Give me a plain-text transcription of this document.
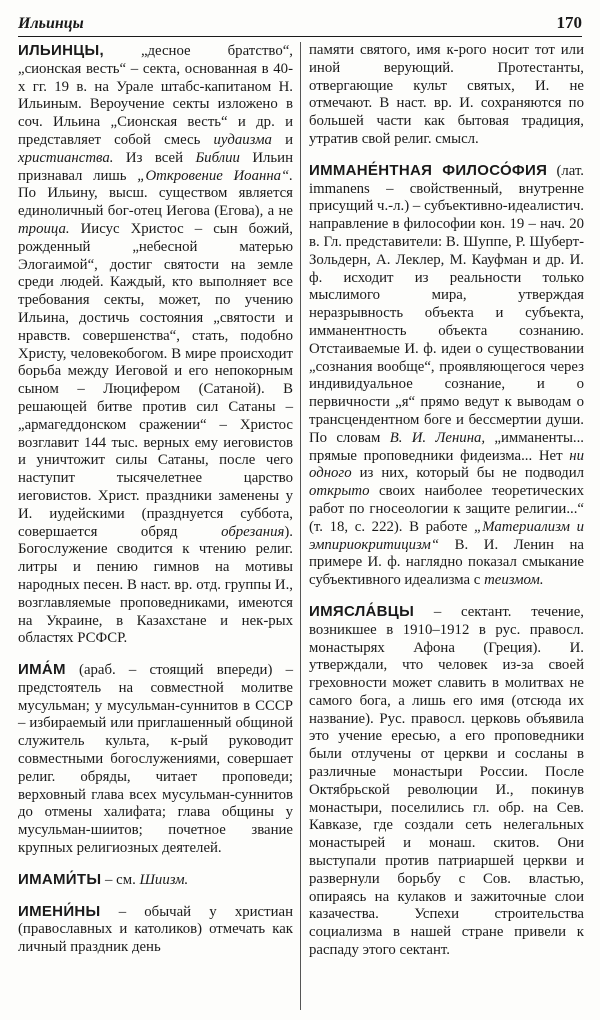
Ильинцы	170

ИЛЬИНЦЫ, „десное братство“, „сионская весть“ – секта, основанная в 40-х гг. 19 в. на Урале штабс-капитаном Н. Ильиным. Вероучение секты изложено в соч. Ильина „Сионская весть“ и др. и представляет собой смесь иудаизма и христианства. Из всей Библии Ильин признавал лишь „Откровение Иоанна“. По Ильину, высш. существом является единоличный бог-отец Иегова (Егова), а не троица. Иисус Христос – сын божий, рожденный „небесной матерью Элогаимой“, достиг святости на земле среди людей. Каждый, кто выполняет все требования секты, может, по учению Ильина, достичь состояния „святости и нравств. совершенства“, стать, подобно Христу, человекобогом. В мире происходит борьба между Иеговой и его непокорным сыном – Люцифером (Сатаной). В решающей битве против сил Сатаны – „армагеддонском сражении“ – Христос возглавит 144 тыс. верных ему иеговистов и уничтожит силы Сатаны, после чего наступит тысячелетнее царство иеговистов. Христ. праздники заменены у И. иудейскими (празднуется суббота, совершается обряд обрезания). Богослужение сводится к чтению религ. литры и пению гимнов на мотивы народных песен. В наст. вр. отд. группы И., возглавляемые проповедниками, имеются на Украине, в Казахстане и нек-рых областях РСФСР.

ИМА́М (араб. – стоящий впереди) – предстоятель на совместной молитве мусульман; у мусульман-суннитов в СССР – избираемый или приглашенный общиной служитель культа, к-рый руководит совместными богослужениями, совершает религ. обряды, читает проповеди; верховный глава всех мусульман-суннитов до отмены халифата; глава общины у мусульман-шиитов; почетное звание крупных религиозных деятелей.

ИМАМИ́ТЫ – см. Шиизм.

ИМЕНИ́НЫ – обычай у христиан (православных и католиков) отмечать как личный праздник день

памяти святого, имя к-рого носит тот или иной верующий. Протестанты, отвергающие культ святых, И. не отмечают. В наст. вр. И. сохраняются по большей части как бытовая традиция, утратив свой религ. смысл.

ИММАНЕ́НТНАЯ ФИЛОСО́ФИЯ (лат. immanens – свойственный, внутренне присущий ч.-л.) – субъективно-идеалистич. направление в философии кон. 19 – нач. 20 в. Гл. представители: В. Шуппе, Р. Шуберт-Зольдерн, А. Леклер, М. Кауфман и др. И. ф. исходит из реальности только мыслимого мира, утверждая неразрывность объекта и субъекта, имманентность объекта сознанию. Отстаиваемые И. ф. идеи о существовании „сознания вообще“, проявляющегося через индивидуальное сознание, и о первичности „я“ прямо ведут к выводам о трансцендентном боге и бессмертии души. По словам В. И. Ленина, „имманенты... прямые проповедники фидеизма... Нет ни одного из них, который бы не подводил открыто своих наиболее теоретических работ по гносеологии к защите религии...“ (т. 18, с. 222). В работе „Материализм и эмпириокритицизм“ В. И. Ленин на примере И. ф. наглядно показал смыкание субъективного идеализма с теизмом.

ИМЯСЛА́ВЦЫ – сектант. течение, возникшее в 1910–1912 в рус. правосл. монастырях Афона (Греция). И. утверждали, что человек из-за своей греховности может славить в молитвах не самого бога, а лишь его имя (отсюда их название). Рус. правосл. церковь объявила это учение ересью, а его проповедники были отлучены от церкви и сосланы в различные монастыри России. После Октябрьской революции И., покинув монастыри, поселились гл. обр. на Сев. Кавказе, где создали сеть нелегальных монастырей и монаш. скитов. Они выступали против патриаршей церкви и развернули борьбу с Сов. властью, опираясь на кулаков и зажиточные слои казачества. Успехи строительства социализма в нашей стране привели к распаду этого сектант.
